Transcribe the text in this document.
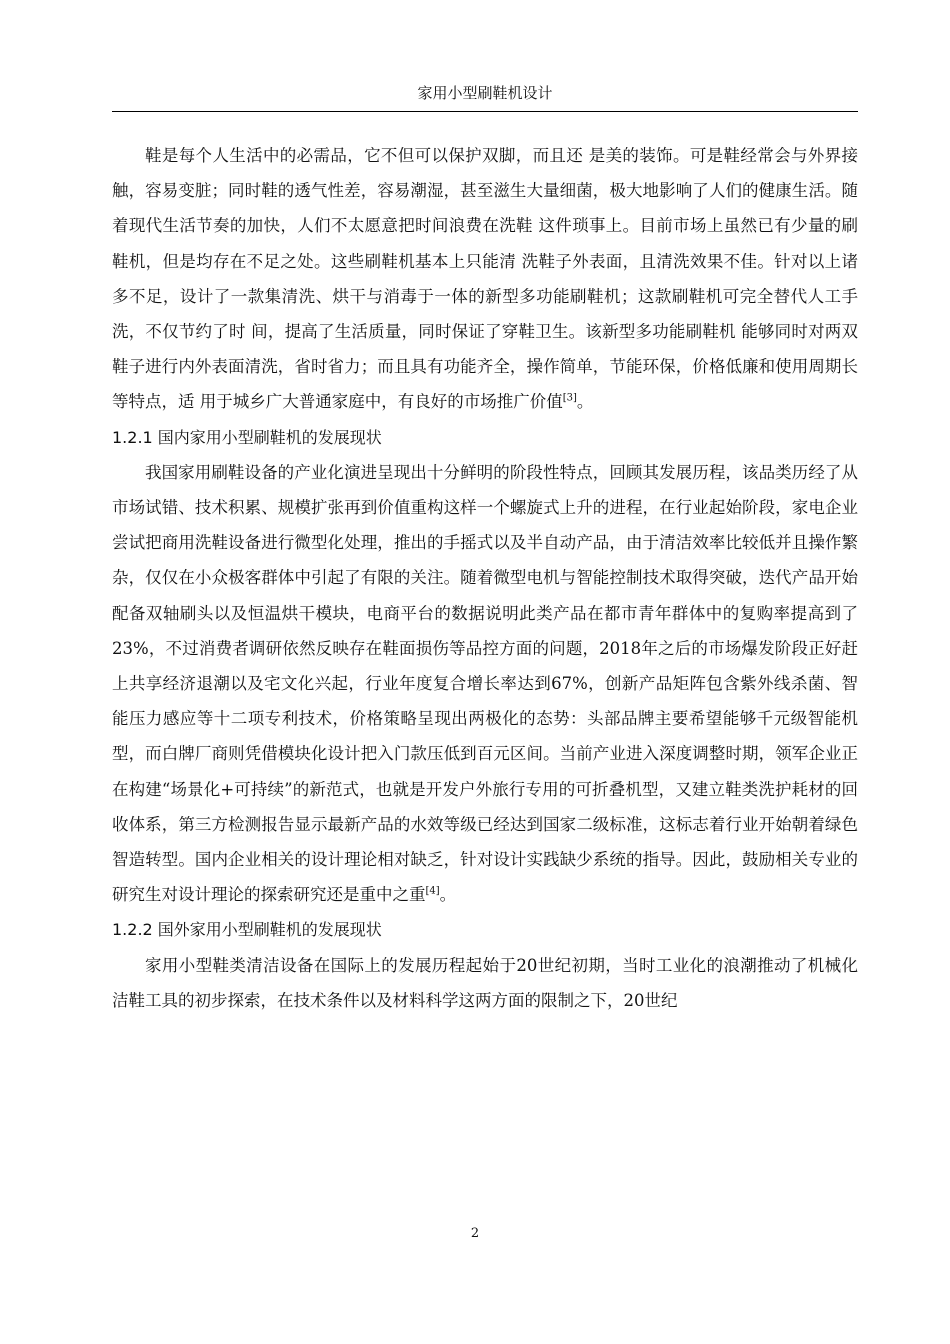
家用小型刷鞋机设计

鞋是每个人生活中的必需品，它不但可以保护双脚，而且还 是美的装饰。可是鞋经常会与外界接触，容易变脏；同时鞋的透气性差，容易潮湿，甚至滋生大量细菌，极大地影响了人们的健康生活。随着现代生活节奏的加快，人们不太愿意把时间浪费在洗鞋 这件琐事上。目前市场上虽然已有少量的刷鞋机，但是均存在不足之处。这些刷鞋机基本上只能清 洗鞋子外表面，且清洗效果不佳。针对以上诸多不足，设计了一款集清洗、烘干与消毒于一体的新型多功能刷鞋机；这款刷鞋机可完全替代人工手洗，不仅节约了时 间，提高了生活质量，同时保证了穿鞋卫生。该新型多功能刷鞋机 能够同时对两双鞋子进行内外表面清洗，省时省力；而且具有功能齐全，操作简单，节能环保，价格低廉和使用周期长等特点，适 用于城乡广大普通家庭中，有良好的市场推广价值[3]。

1.2.1 国内家用小型刷鞋机的发展现状

我国家用刷鞋设备的产业化演进呈现出十分鲜明的阶段性特点，回顾其发展历程，该品类历经了从市场试错、技术积累、规模扩张再到价值重构这样一个螺旋式上升的进程，在行业起始阶段，家电企业尝试把商用洗鞋设备进行微型化处理，推出的手摇式以及半自动产品，由于清洁效率比较低并且操作繁杂，仅仅在小众极客群体中引起了有限的关注。随着微型电机与智能控制技术取得突破，迭代产品开始配备双轴刷头以及恒温烘干模块，电商平台的数据说明此类产品在都市青年群体中的复购率提高到了23%，不过消费者调研依然反映存在鞋面损伤等品控方面的问题，2018年之后的市场爆发阶段正好赶上共享经济退潮以及宅文化兴起，行业年度复合增长率达到67%，创新产品矩阵包含紫外线杀菌、智能压力感应等十二项专利技术，价格策略呈现出两极化的态势：头部品牌主要希望能够千元级智能机型，而白牌厂商则凭借模块化设计把入门款压低到百元区间。当前产业进入深度调整时期，领军企业正在构建“场景化+可持续”的新范式，也就是开发户外旅行专用的可折叠机型，又建立鞋类洗护耗材的回收体系，第三方检测报告显示最新产品的水效等级已经达到国家二级标准，这标志着行业开始朝着绿色智造转型。国内企业相关的设计理论相对缺乏，针对设计实践缺少系统的指导。因此，鼓励相关专业的研究生对设计理论的探索研究还是重中之重[4]。

1.2.2 国外家用小型刷鞋机的发展现状

家用小型鞋类清洁设备在国际上的发展历程起始于20世纪初期，当时工业化的浪潮推动了机械化洁鞋工具的初步探索，在技术条件以及材料科学这两方面的限制之下，20世纪

2
